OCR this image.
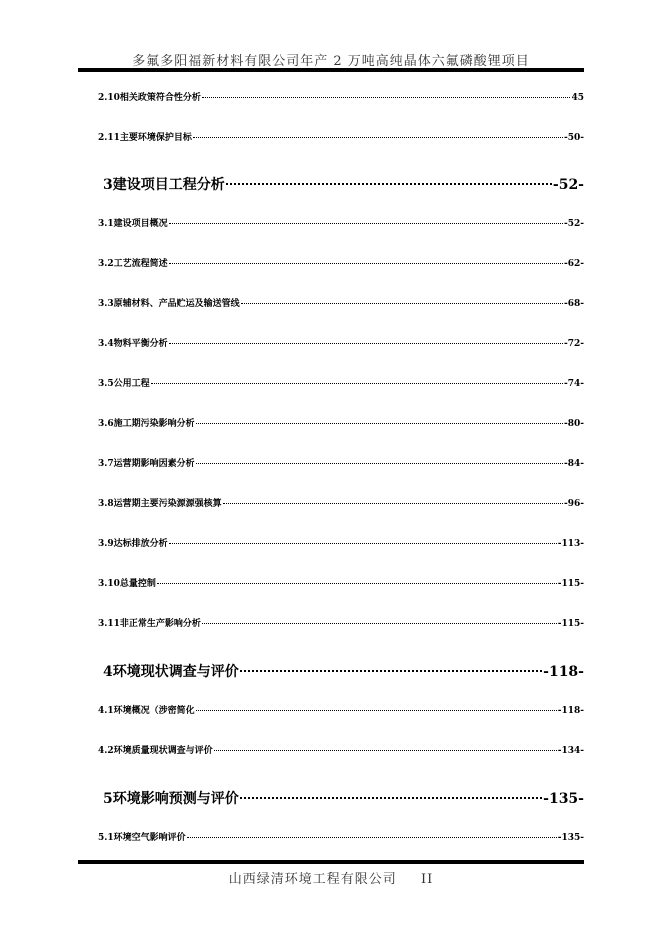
多氟多阳福新材料有限公司年产 2 万吨高纯晶体六氟磷酸锂项目
2.10 相关政策符合性分析	45
2.11 主要环境保护目标	-50-
3 建设项目工程分析	-52-
3.1 建设项目概况	-52-
3.2 工艺流程简述	-62-
3.3 原辅材料、产品贮运及输送管线	-68-
3.4 物料平衡分析	-72-
3.5 公用工程	-74-
3.6 施工期污染影响分析	-80-
3.7 运营期影响因素分析	-84-
3.8 运营期主要污染源源强核算	-96-
3.9 达标排放分析	-113-
3.10 总量控制	-115-
3.11 非正常生产影响分析	-115-
4 环境现状调查与评价	-118-
4.1 环境概况（涉密简化	-118-
4.2 环境质量现状调查与评价	-134-
5 环境影响预测与评价	-135-
5.1 环境空气影响评价	-135-
山西绿清环境工程有限公司 II
